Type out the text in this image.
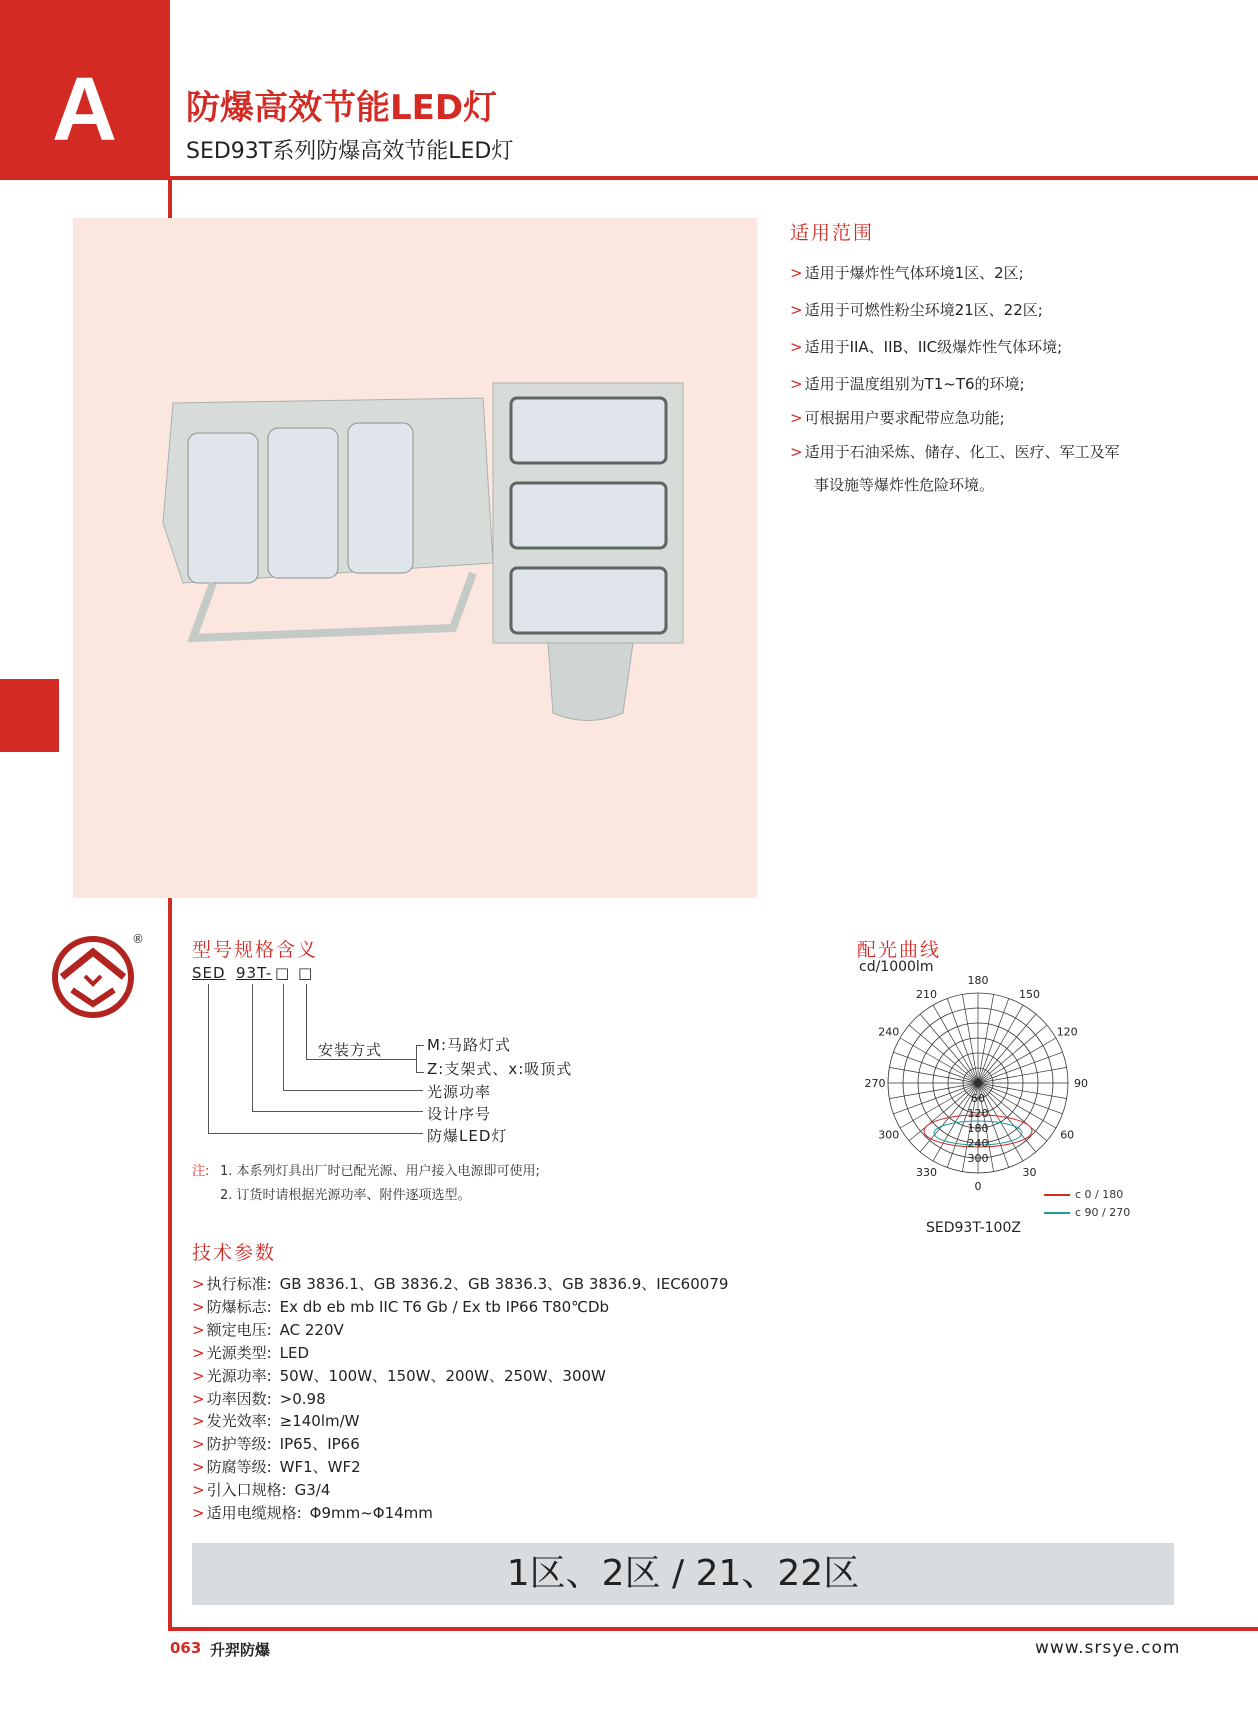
A	防爆高效节能LED灯
SED93T系列防爆高效节能LED灯
适用范围
> 适用于爆炸性气体环境1区、2区;
> 适用于可燃性粉尘环境21区、22区;
> 适用于IIA、IIB、IIC级爆炸性气体环境;
> 适用于温度组别为T1~T6的环境;
> 可根据用户要求配带应急功能;
> 适用于石油采炼、储存、化工、医疗、军工及军
事设施等爆炸性危险环境。
®	型号规格含义
SED 93T- □ □
安装方式	M:马路灯式
Z:支架式、x:吸顶式
光源功率
设计序号
防爆LED灯
注: 1. 本系列灯具出厂时已配光源、用户接入电源即可使用;
2. 订货时请根据光源功率、附件逐项选型。
配光曲线
cd/1000lm
0
30
60
90
120
150
180
210
240
270
300
330
0
60
120
180
240
300
SED93T-100Z
c 0 / 180
c 90 / 270
技术参数
> 执行标准: GB 3836.1、GB 3836.2、GB 3836.3、GB 3836.9、IEC60079
> 防爆标志: Ex db eb mb IIC T6 Gb / Ex tb IP66 T80℃Db
> 额定电压: AC 220V
> 光源类型: LED
> 光源功率: 50W、100W、150W、200W、250W、300W
> 功率因数: >0.98
> 发光效率: ≥140lm/W
> 防护等级: IP65、IP66
> 防腐等级: WF1、WF2
> 引入口规格: G3/4
> 适用电缆规格: Φ9mm~Φ14mm
1区、2区 / 21、22区
063 升羿防爆	www.srsye.com
